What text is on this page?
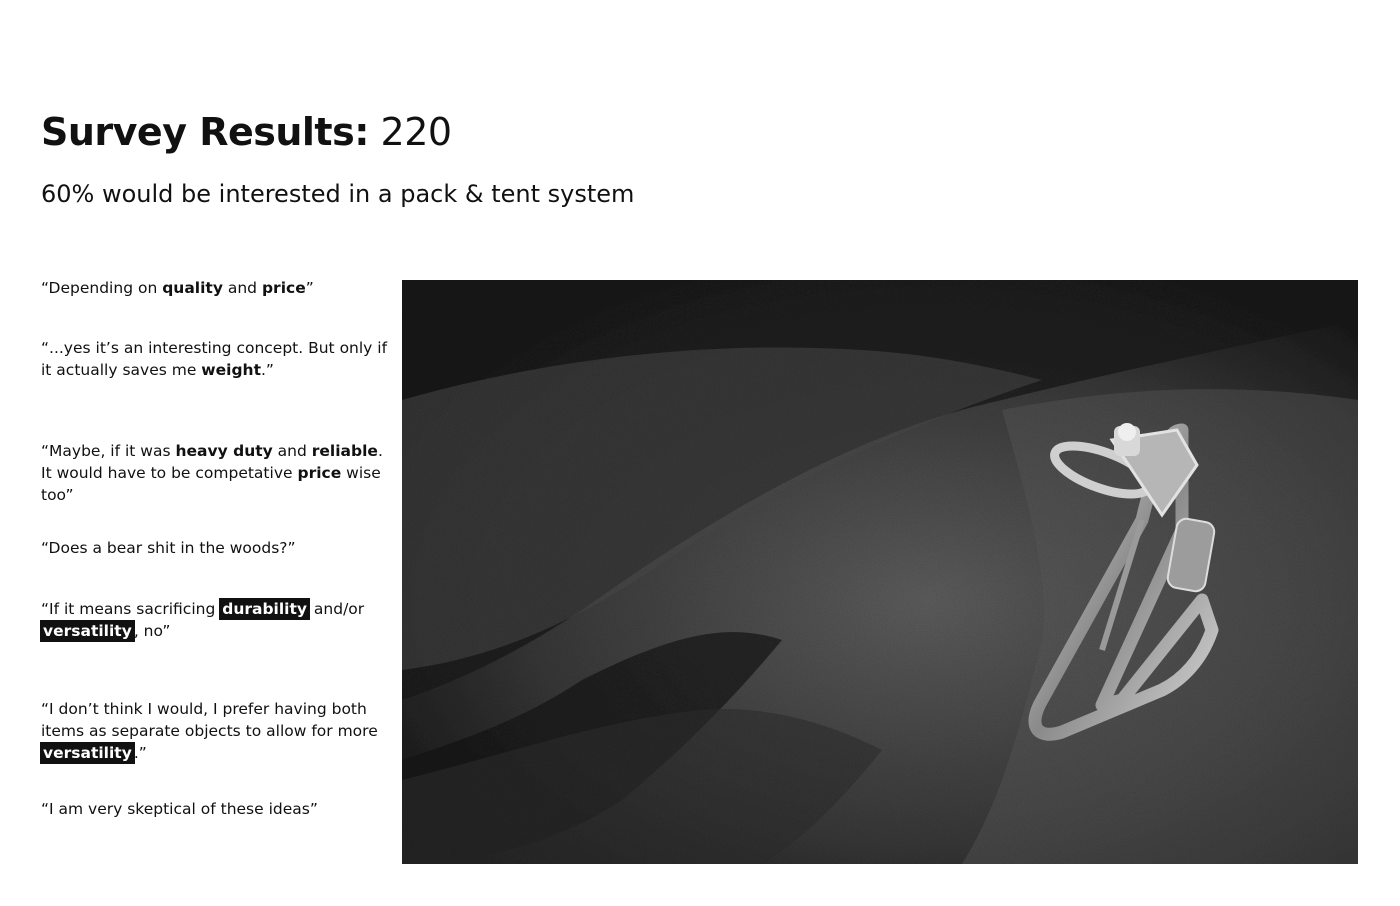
Survey Results: 220
60% would be interested in a pack & tent system

“Depending on quality and price”

“...yes it’s an interesting concept. But only if it actually saves me weight.”

“Maybe, if it was heavy duty and reliable. It would have to be competative price wise too”

“Does a bear shit in the woods?”

“If it means sacrificing durability and/or versatility , no”

“I don’t think I would, I prefer having both items as separate objects to allow for more versatility .”

“I am very skeptical of these ideas”
